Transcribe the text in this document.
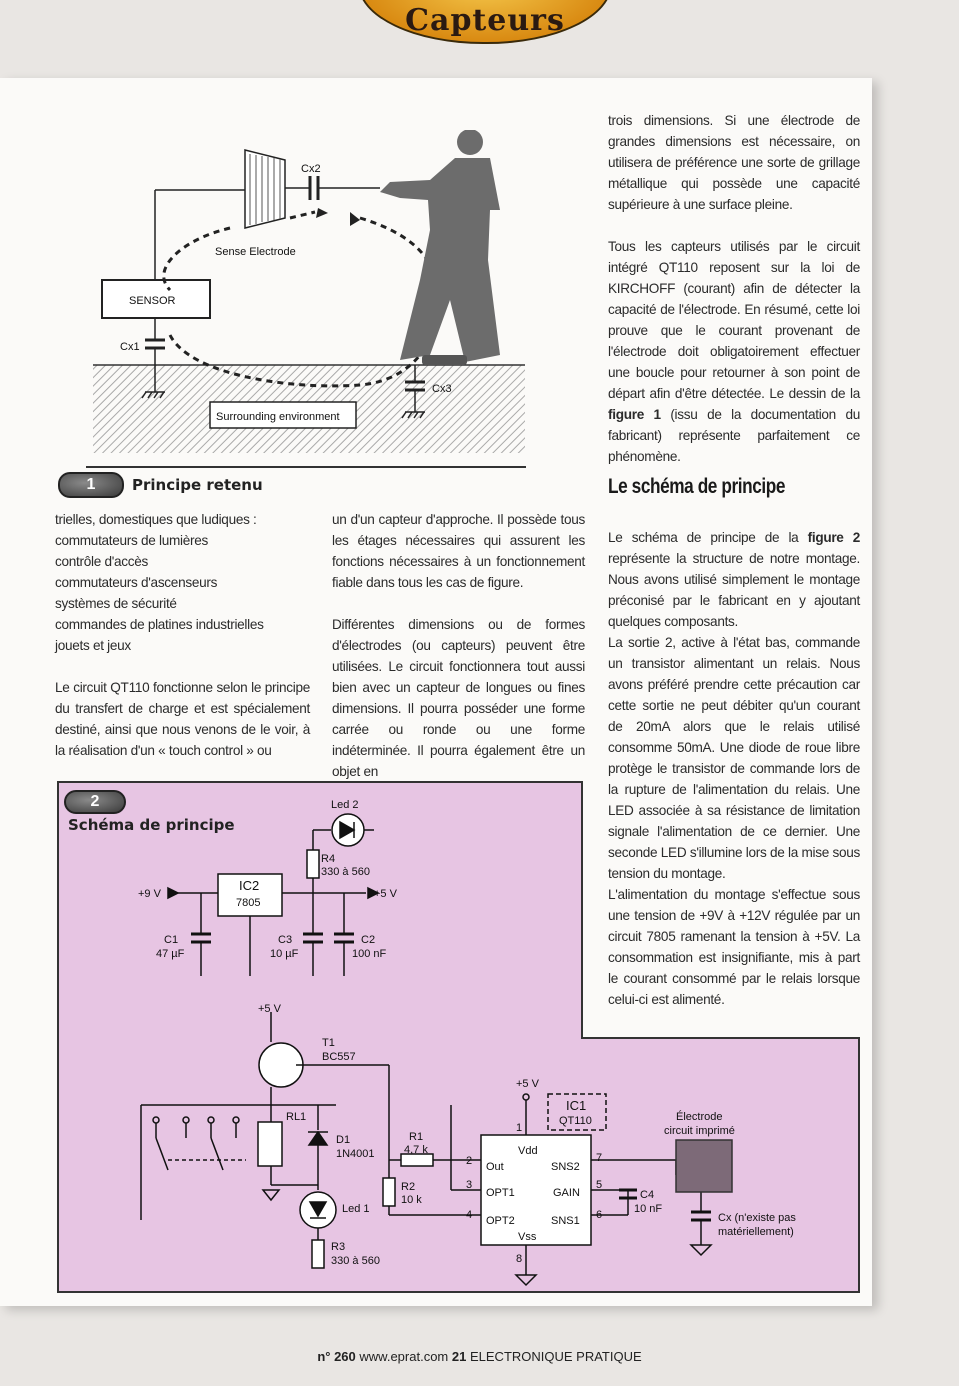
Capteurs
Cx2
Sense Electrode
SENSOR
Cx1
Cx3
Surrounding environment
1	Principe retenu
trielles, domestiques que ludiques :
commutateurs de lumières
contrôle d'accès
commutateurs d'ascenseurs
systèmes de sécurité
commandes de platines industrielles
jouets et jeux

Le circuit QT110 fonctionne selon le principe du transfert de charge et est spécialement destiné, ainsi que nous venons de le voir, à la réalisation d'un « touch control » ou

un d'un capteur d'approche. Il possède tous les étages nécessaires qui assurent les fonctions nécessaires à un fonctionnement fiable dans tous les cas de figure.

Différentes dimensions ou de formes d'électrodes (ou capteurs) peuvent être utilisées. Le circuit fonctionnera tout aussi bien avec un capteur de longues ou fines dimensions. Il pourra posséder une forme carrée ou ronde ou une forme indéterminée. Il pourra également être un objet en

trois dimensions. Si une électrode de grandes dimensions est nécessaire, on utilisera de préférence une sorte de grillage métallique qui possède une capacité supérieure à une surface pleine.

Tous les capteurs utilisés par le circuit intégré QT110 reposent sur la loi de KIRCHOFF (courant) afin de détecter la capacité de l'électrode. En résumé, cette loi prouve que le courant provenant de l'électrode doit obligatoirement effectuer une boucle pour retourner à son point de départ afin d'être détectée. Le dessin de la figure 1 (issu de la documentation du fabricant) représente parfaitement ce phénomène.

Le schéma de principe

Le schéma de principe de la figure 2 représente la structure de notre montage. Nous avons utilisé simplement le montage préconisé par le fabricant en y ajoutant quelques composants.

La sortie 2, active à l'état bas, commande un transistor alimentant un relais. Nous avons préféré prendre cette précaution car cette sortie ne peut débiter qu'un courant de 20mA alors que le relais utilisé consomme 50mA. Une diode de roue libre protège le transistor de commande lors de la rupture de l'alimentation du relais. Une LED associée à sa résistance de limitation signale l'alimentation de ce dernier. Une seconde LED s'illumine lors de la mise sous tension du montage.

L'alimentation du montage s'effectue sous une tension de +9V à +12V régulée par un circuit 7805 ramenant la tension à +5V. La consommation est insignifiante, mis à part le courant consommé par le relais lorsque celui-ci est alimenté.

Led 2
R4
330 à 560
+9 V
IC2
7805
+5 V
C1
47 µF
C3
10 µF
C2
100 nF
+5 V
T1
BC557
RL1
D1
1N4001
Led 1
R3
330 à 560
R1
4,7 k
R2
10 k
+5 V
IC1
QT110
Vdd
Out	SNS2
OPT1	GAIN
OPT2	SNS1
Vss
1
2
3
4
5
6
7
8
C4
10 nF
Électrode
circuit imprimé
Cx (n'existe pas
matériellement)
2
Schéma de principe
n° 260 www.eprat.com 21 ELECTRONIQUE PRATIQUE
